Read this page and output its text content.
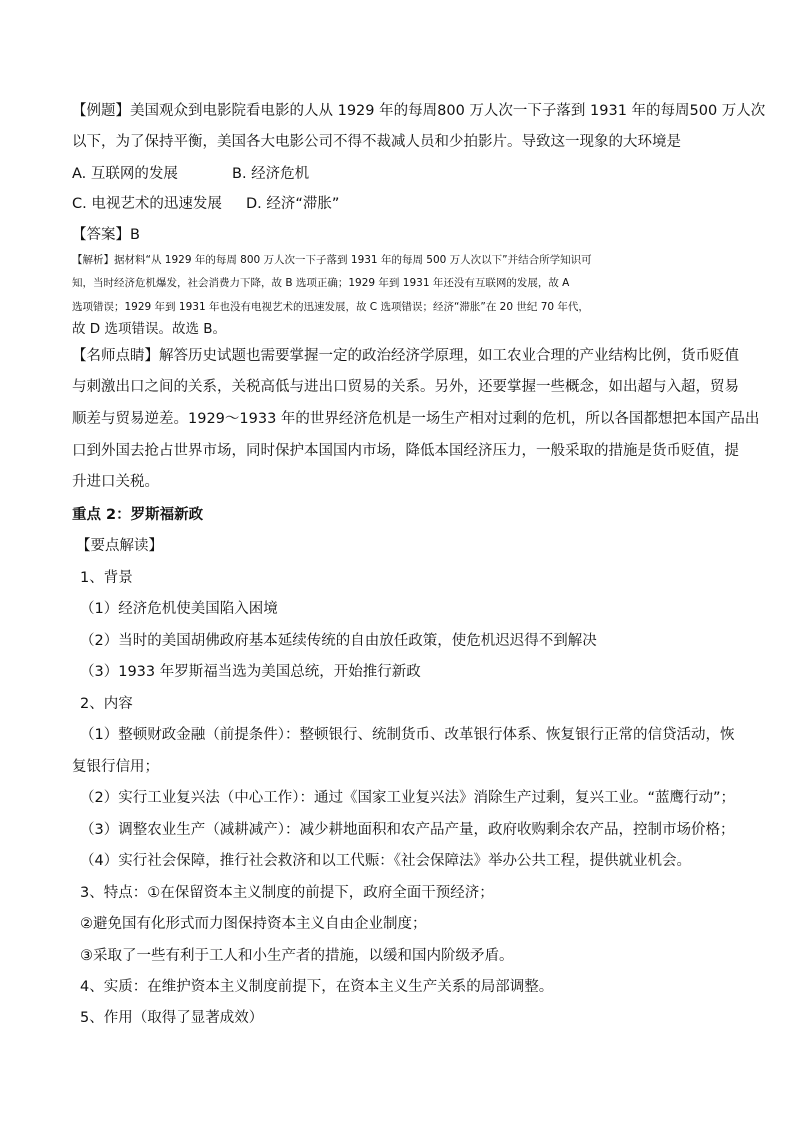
【例题】美国观众到电影院看电影的人从 1929 年的每周800 万人次一下子落到 1931 年的每周500 万人次
以下，为了保持平衡，美国各大电影公司不得不裁减人员和少拍影片。导致这一现象的大环境是
A. 互联网的发展	B. 经济危机
C. 电视艺术的迅速发展 D. 经济“滞胀”
【答案】B
【解析】据材料“从 1929 年的每周 800 万人次一下子落到 1931 年的每周 500 万人次以下”并结合所学知识可
知，当时经济危机爆发，社会消费力下降，故 B 选项正确；1929 年到 1931 年还没有互联网的发展，故 A
选项错误；1929 年到 1931 年也没有电视艺术的迅速发展，故 C 选项错误；经济“滞胀”在 20 世纪 70 年代，
故 D 选项错误。故选 B。
【名师点睛】解答历史试题也需要掌握一定的政治经济学原理，如工农业合理的产业结构比例，货币贬值
与刺激出口之间的关系，关税高低与进出口贸易的关系。另外，还要掌握一些概念，如出超与入超，贸易
顺差与贸易逆差。1929～1933 年的世界经济危机是一场生产相对过剩的危机，所以各国都想把本国产品出
口到外国去抢占世界市场，同时保护本国国内市场，降低本国经济压力，一般采取的措施是货币贬值，提
升进口关税。
重点 2：罗斯福新政
【要点解读】
1、背景
（1）经济危机使美国陷入困境
（2）当时的美国胡佛政府基本延续传统的自由放任政策，使危机迟迟得不到解决
（3）1933 年罗斯福当选为美国总统，开始推行新政
2、内容
（1）整顿财政金融（前提条件）：整顿银行、统制货币、改革银行体系、恢复银行正常的信贷活动，恢
复银行信用；
（2）实行工业复兴法（中心工作）：通过《国家工业复兴法》消除生产过剩，复兴工业。“蓝鹰行动”；
（3）调整农业生产（减耕减产）：减少耕地面积和农产品产量，政府收购剩余农产品，控制市场价格；
（4）实行社会保障，推行社会救济和以工代赈：《社会保障法》举办公共工程，提供就业机会。
3、特点：①在保留资本主义制度的前提下，政府全面干预经济；
②避免国有化形式而力图保持资本主义自由企业制度；
③采取了一些有利于工人和小生产者的措施，以缓和国内阶级矛盾。
4、实质：在维护资本主义制度前提下，在资本主义生产关系的局部调整。
5、作用（取得了显著成效）
